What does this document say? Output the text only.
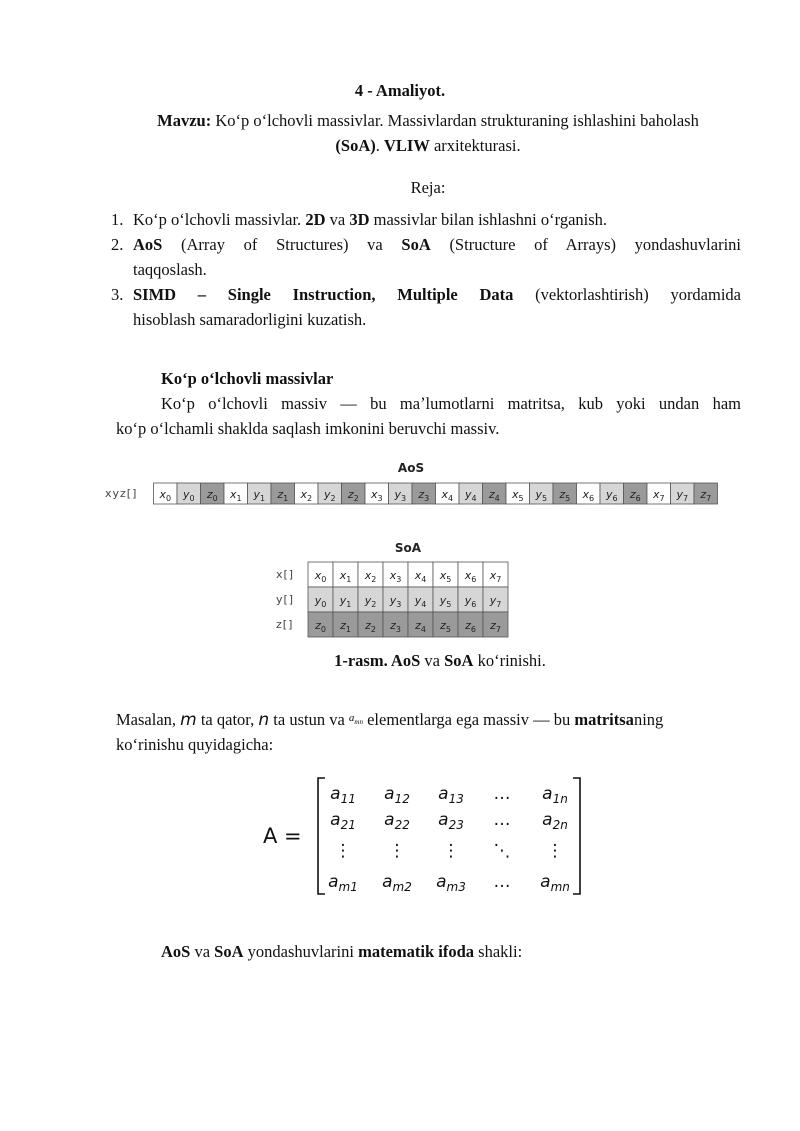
4 - Amaliyot.
Mavzu: Koʻp oʻlchovli massivlar. Massivlardan strukturaning ishlashini baholash
(SoA). VLIW arxitekturasi.
Reja:
1. Koʻp oʻlchovli massivlar. 2D va 3D massivlar bilan ishlashni oʻrganish.
2. AoS (Array of Structures) va SoA (Structure of Arrays) yondashuvlarini
taqqoslash.
3. SIMD – Single Instruction, Multiple Data (vektorlashtirish) yordamida
hisoblash samaradorligini kuzatish.
Koʻp oʻlchovli massivlar
Koʻp oʻlchovli massiv — bu maʼlumotlarni matritsa, kub yoki undan ham
koʻp oʻlchamli shaklda saqlash imkonini beruvchi massiv.
AoS
xyz[] $x_0$ $y_0$ $z_0$ $x_1$ $y_1$ $z_1$ $x_2$ $y_2$ $z_2$ $x_3$ $y_3$ $z_3$ $x_4$ $y_4$ $z_4$ $x_5$ $y_5$ $z_5$ $x_6$ $y_6$ $z_6$ $x_7$ $y_7$ $z_7$
SoA
x[] $x_0$ $x_1$ $x_2$ $x_3$ $x_4$ $x_5$ $x_6$ $x_7$
y[] $y_0$ $y_1$ $y_2$ $y_3$ $y_4$ $y_5$ $y_6$ $y_7$
z[] $z_0$ $z_1$ $z_2$ $z_3$ $z_4$ $z_5$ $z_6$ $z_7$
1-rasm. AoS va SoA koʻrinishi.
Masalan, m ta qator, n ta ustun va $^{a_{mn}}$ elementlarga ega massiv — bu matritsaning
koʻrinishu quyidagicha:
A =
$a_{11}$ $a_{12}$ $a_{13}$ … $a_{1n}$
$a_{21}$ $a_{22}$ $a_{23}$ … $a_{2n}$
⋮ ⋮ ⋮ ⋱ ⋮
$a_{m1}$ $a_{m2}$ $a_{m3}$ … $a_{mn}$
AoS va SoA yondashuvlarini matematik ifoda shakli:
